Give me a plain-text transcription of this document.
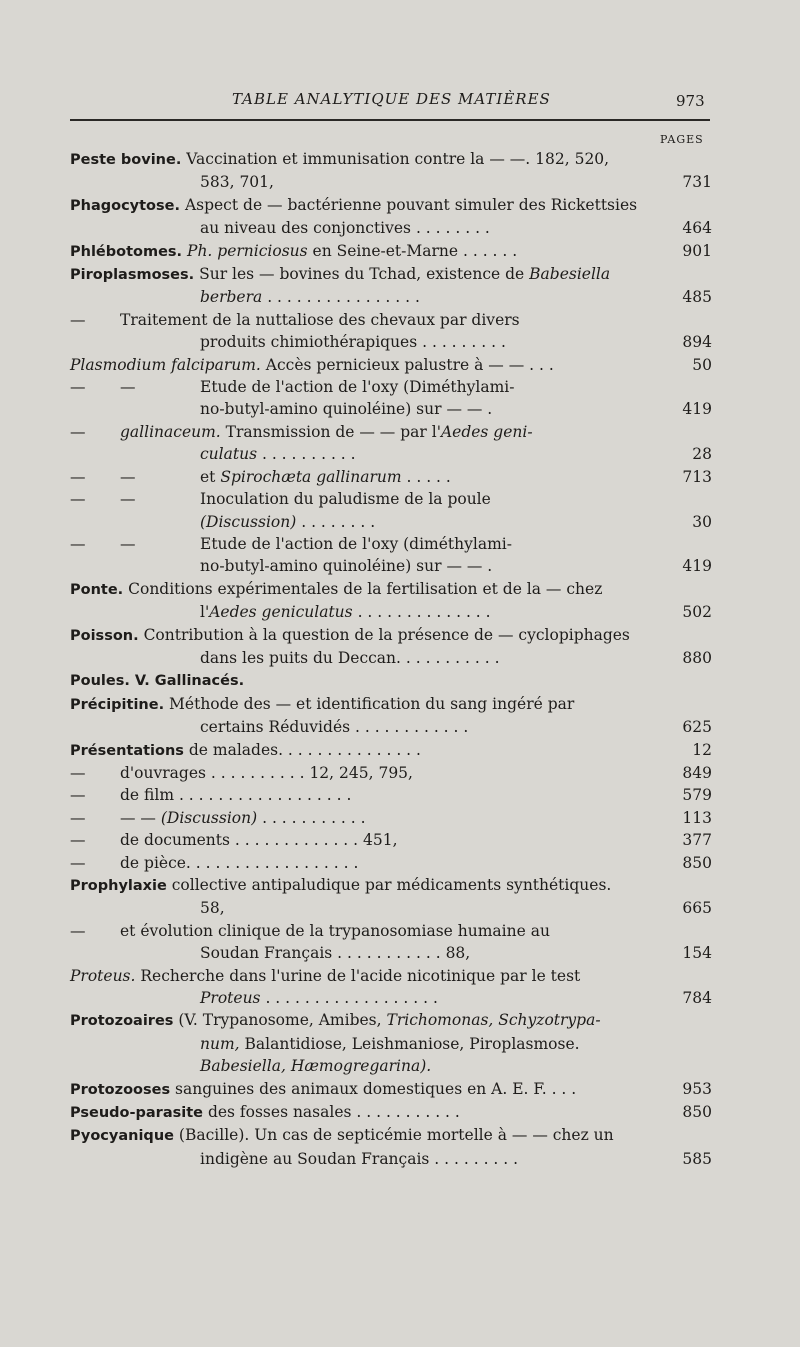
TABLE ANALYTIQUE DES MATIÈRES	973
PAGES
Peste bovine. Vaccination et immunisation contre la — —. 182, 520,
583, 701,	731
Phagocytose. Aspect de — bactérienne pouvant simuler des Rickettsies
au niveau des conjonctives . . . . . . . .	464
Phlébotomes. Ph. perniciosus en Seine-et-Marne . . . . . .	901
Piroplasmoses. Sur les — bovines du Tchad, existence de Babesiella
berbera . . . . . . . . . . . . . . . .	485
— Traitement de la nuttaliose des chevaux par divers
produits chimiothérapiques . . . . . . . . .	894
Plasmodium falciparum. Accès pernicieux palustre à — — . . .	50
— —	Etude de l'action de l'oxy (Diméthylami-
no-butyl-amino quinoléine) sur — — .	419
— gallinaceum. Transmission de — — par l'Aedes geni-
culatus . . . . . . . . . .	28
— —	et Spirochæta gallinarum . . . . .	713
— —	Inoculation du paludisme de la poule
(Discussion) . . . . . . . .	30
— —	Etude de l'action de l'oxy (diméthylami-
no-butyl-amino quinoléine) sur — — .	419
Ponte. Conditions expérimentales de la fertilisation et de la — chez
l'Aedes geniculatus . . . . . . . . . . . . . .	502
Poisson. Contribution à la question de la présence de — cyclopiphages
dans les puits du Deccan. . . . . . . . . . .	880
Poules. V. Gallinacés.
Précipitine. Méthode des — et identification du sang ingéré par
certains Réduvidés . . . . . . . . . . . .	625
Présentations de malades. . . . . . . . . . . . . . .	12
— d'ouvrages . . . . . . . . . . 12, 245, 795,	849
— de film . . . . . . . . . . . . . . . . . .	579
— — — (Discussion) . . . . . . . . . . .	113
— de documents . . . . . . . . . . . . . 451,	377
— de pièce. . . . . . . . . . . . . . . . . .	850
Prophylaxie collective antipaludique par médicaments synthétiques.
58,	665
— et évolution clinique de la trypanosomiase humaine au
Soudan Français . . . . . . . . . . . 88,	154
Proteus. Recherche dans l'urine de l'acide nicotinique par le test
Proteus . . . . . . . . . . . . . . . . . .	784
Protozoaires (V. Trypanosome, Amibes, Trichomonas, Schyzotrypa-
num, Balantidiose, Leishmaniose, Piroplasmose.
Babesiella, Hæmogregarina).
Protozooses sanguines des animaux domestiques en A. E. F. . . .	953
Pseudo-parasite des fosses nasales . . . . . . . . . . .	850
Pyocyanique (Bacille). Un cas de septicémie mortelle à — — chez un
indigène au Soudan Français . . . . . . . . .	585
